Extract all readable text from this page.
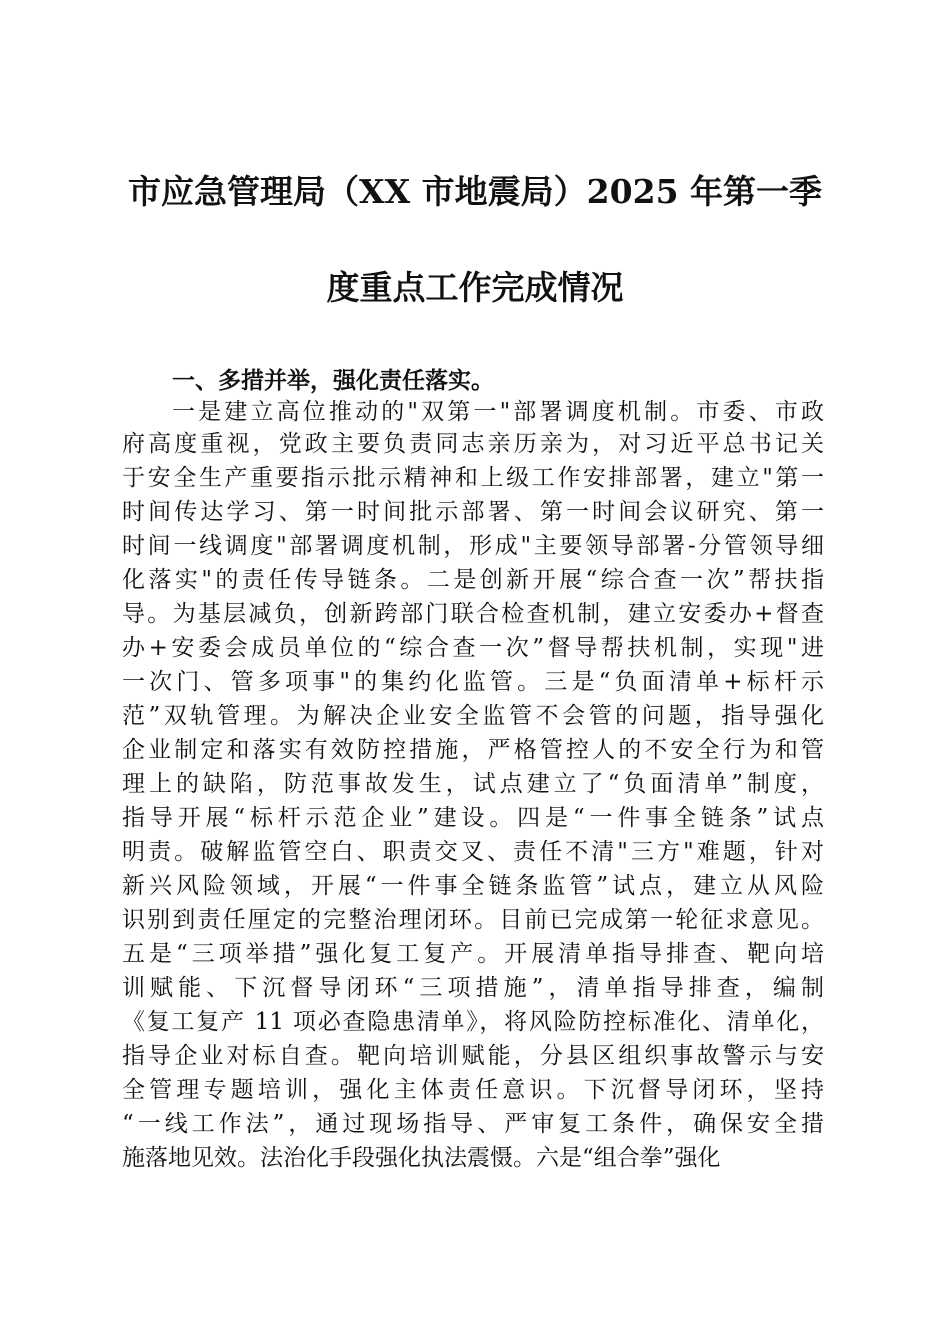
市应急管理局（XX 市地震局）2025 年第一季
度重点工作完成情况
一、多措并举，强化责任落实。
一是建立高位推动的"双第一"部署调度机制。市委、市政
府高度重视，党政主要负责同志亲历亲为，对习近平总书记关
于安全生产重要指示批示精神和上级工作安排部署，建立"第一
时间传达学习、第一时间批示部署、第一时间会议研究、第一
时间一线调度"部署调度机制，形成"主要领导部署-分管领导细
化落实"的责任传导链条。二是创新开展“综合查一次”帮扶指
导。为基层减负，创新跨部门联合检查机制，建立安委办+督查
办+安委会成员单位的“综合查一次”督导帮扶机制，实现"进
一次门、管多项事"的集约化监管。三是“负面清单+标杆示
范”双轨管理。为解决企业安全监管不会管的问题，指导强化
企业制定和落实有效防控措施，严格管控人的不安全行为和管
理上的缺陷，防范事故发生，试点建立了“负面清单”制度，
指导开展“标杆示范企业”建设。四是“一件事全链条”试点
明责。破解监管空白、职责交叉、责任不清"三方"难题，针对
新兴风险领域，开展“一件事全链条监管”试点，建立从风险
识别到责任厘定的完整治理闭环。目前已完成第一轮征求意见。
五是“三项举措”强化复工复产。开展清单指导排查、靶向培
训赋能、下沉督导闭环“三项措施”，清单指导排查，编制
《复工复产 11 项必查隐患清单》，将风险防控标准化、清单化，
指导企业对标自查。靶向培训赋能，分县区组织事故警示与安
全管理专题培训，强化主体责任意识。下沉督导闭环，坚持
“一线工作法”，通过现场指导、严审复工条件，确保安全措
施落地见效。法治化手段强化执法震慑。六是“组合拳”强化
